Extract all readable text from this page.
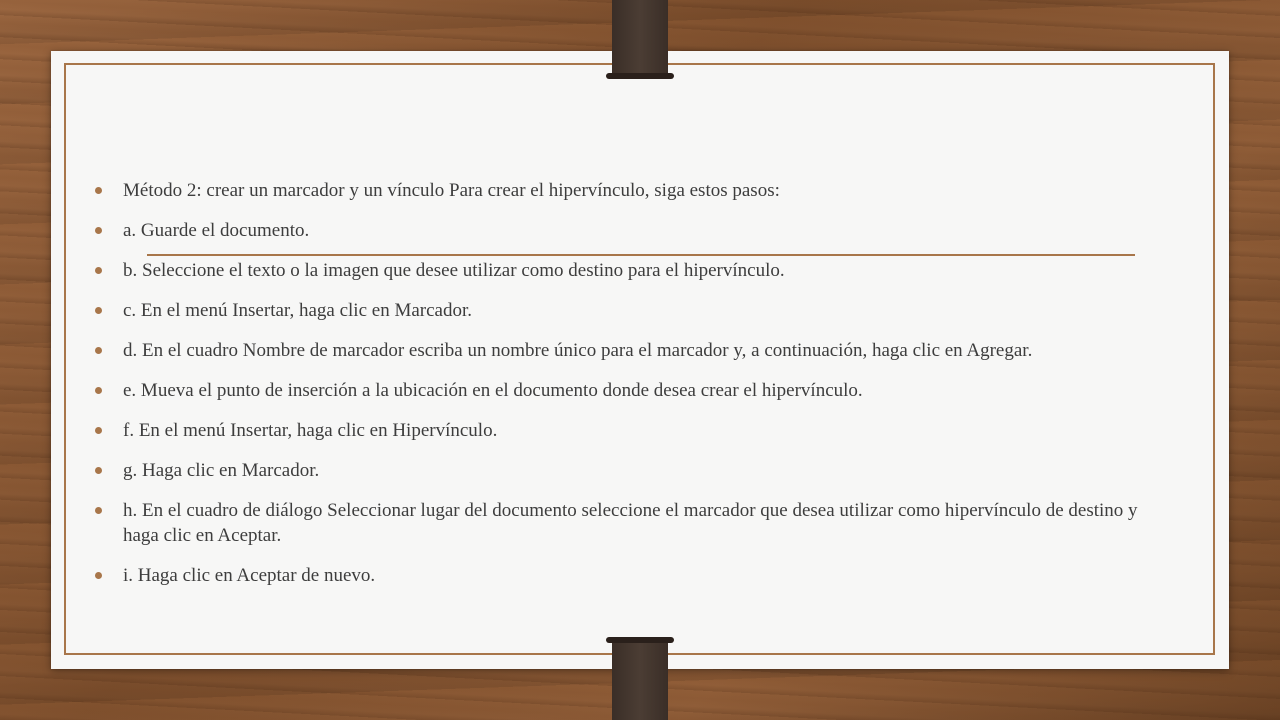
Método 2: crear un marcador y un vínculo Para crear el hipervínculo, siga estos pasos:
a. Guarde el documento.
b. Seleccione el texto o la imagen que desee utilizar como destino para el hipervínculo.
c. En el menú Insertar, haga clic en Marcador.
d. En el cuadro Nombre de marcador escriba un nombre único para el marcador y, a continuación, haga clic en Agregar.
e. Mueva el punto de inserción a la ubicación en el documento donde desea crear el hipervínculo.
f. En el menú Insertar, haga clic en Hipervínculo.
g. Haga clic en Marcador.
h. En el cuadro de diálogo Seleccionar lugar del documento seleccione el marcador que desea utilizar como hipervínculo de destino y haga clic en Aceptar.
i. Haga clic en Aceptar de nuevo.
